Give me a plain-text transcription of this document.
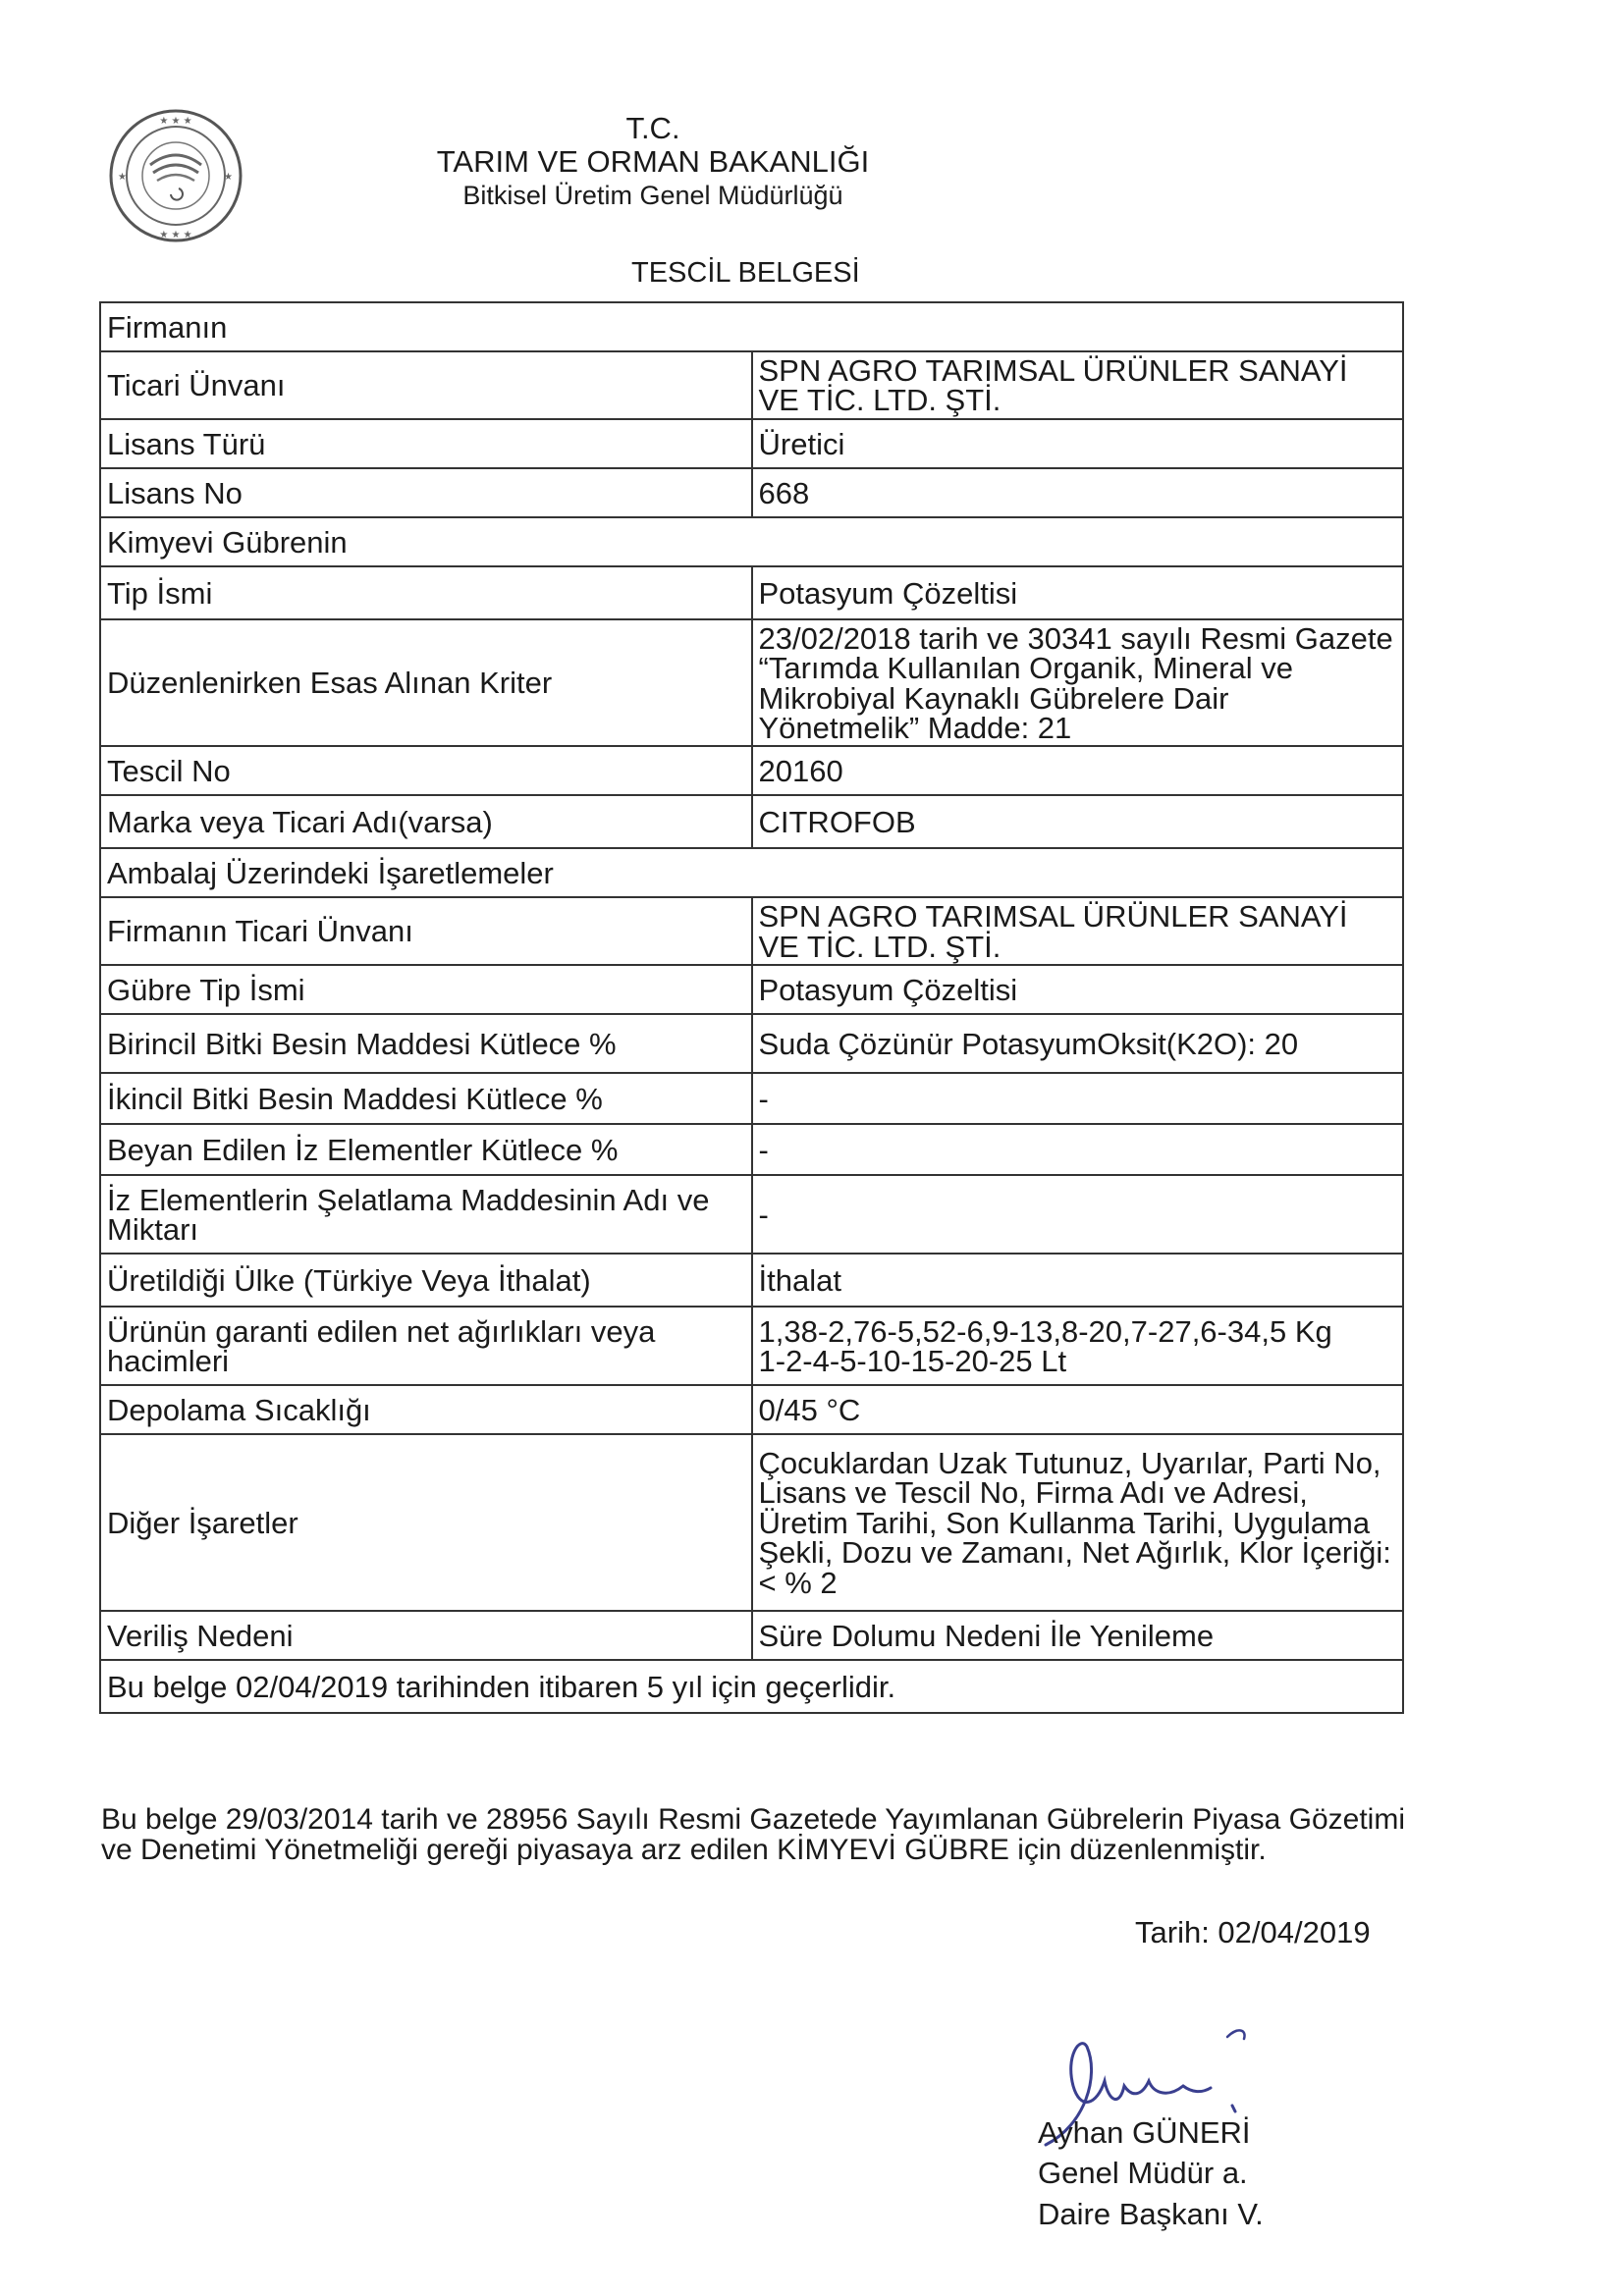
★ ★ ★
★ ★ ★
★	★
T.C.
TARIM VE ORMAN BAKANLIĞI
Bitkisel Üretim Genel Müdürlüğü
TESCİL BELGESİ
Firmanın	
Ticari Ünvanı	SPN AGRO TARIMSAL ÜRÜNLER SANAYİ VE TİC. LTD. ŞTİ.
Lisans Türü	Üretici
Lisans No	668
Kimyevi Gübrenin	
Tip İsmi	Potasyum Çözeltisi
Düzenlenirken Esas Alınan Kriter	23/02/2018 tarih ve 30341 sayılı Resmi Gazete “Tarımda Kullanılan Organik, Mineral ve Mikrobiyal Kaynaklı Gübrelere Dair Yönetmelik” Madde: 21
Tescil No	20160
Marka veya Ticari Adı(varsa)	CITROFOB
Ambalaj Üzerindeki İşaretlemeler	
Firmanın Ticari Ünvanı	SPN AGRO TARIMSAL ÜRÜNLER SANAYİ VE TİC. LTD. ŞTİ.
Gübre Tip İsmi	Potasyum Çözeltisi
Birincil Bitki Besin Maddesi Kütlece %	Suda Çözünür PotasyumOksit(K2O): 20
İkincil Bitki Besin Maddesi Kütlece %	-
Beyan Edilen İz Elementler Kütlece %	-
İz Elementlerin Şelatlama Maddesinin Adı ve Miktarı	-
Üretildiği Ülke (Türkiye Veya İthalat)	İthalat
Ürünün garanti edilen net ağırlıkları veya hacimleri	1,38-2,76-5,52-6,9-13,8-20,7-27,6-34,5 Kg
1-2-4-5-10-15-20-25 Lt
Depolama Sıcaklığı	0/45 °C
Diğer İşaretler	Çocuklardan Uzak Tutunuz, Uyarılar, Parti No, Lisans ve Tescil No, Firma Adı ve Adresi, Üretim Tarihi, Son Kullanma Tarihi, Uygulama Şekli, Dozu ve Zamanı, Net Ağırlık, Klor İçeriği: < % 2
Veriliş Nedeni	Süre Dolumu Nedeni İle Yenileme
Bu belge 02/04/2019 tarihinden itibaren 5 yıl için geçerlidir.	
Bu belge 29/03/2014 tarih ve 28956 Sayılı Resmi Gazetede Yayımlanan Gübrelerin Piyasa Gözetimi ve Denetimi Yönetmeliği gereği piyasaya arz edilen KİMYEVİ GÜBRE için düzenlenmiştir.
Tarih: 02/04/2019
Ayhan GÜNERİ
Genel Müdür a.
Daire Başkanı V.
